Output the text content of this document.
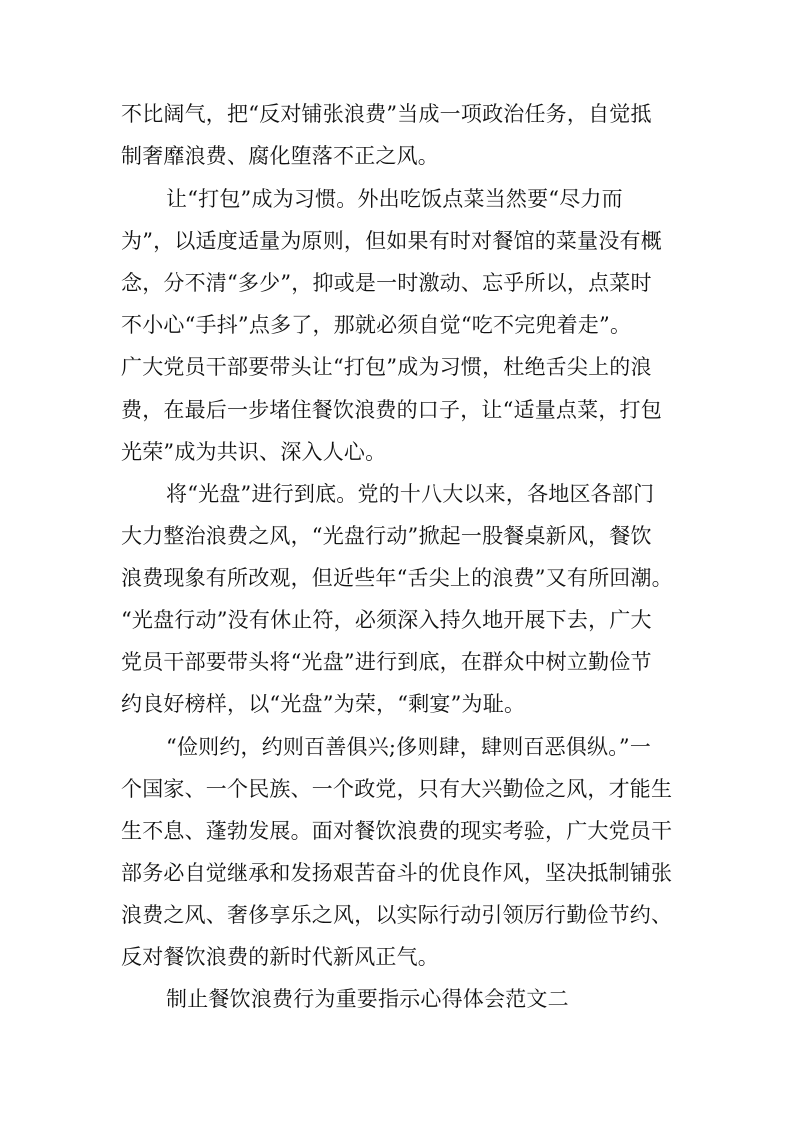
不比阔气，把“反对铺张浪费”当成一项政治任务，自觉抵
制奢靡浪费、腐化堕落不正之风。
让“打包”成为习惯。外出吃饭点菜当然要“尽力而
为”，以适度适量为原则，但如果有时对餐馆的菜量没有概
念，分不清“多少”，抑或是一时激动、忘乎所以，点菜时
不小心“手抖”点多了，那就必须自觉“吃不完兜着走”。
广大党员干部要带头让“打包”成为习惯，杜绝舌尖上的浪
费，在最后一步堵住餐饮浪费的口子，让“适量点菜，打包
光荣”成为共识、深入人心。
将“光盘”进行到底。党的十八大以来，各地区各部门
大力整治浪费之风，“光盘行动”掀起一股餐桌新风，餐饮
浪费现象有所改观，但近些年“舌尖上的浪费”又有所回潮。
“光盘行动”没有休止符，必须深入持久地开展下去，广大
党员干部要带头将“光盘”进行到底，在群众中树立勤俭节
约良好榜样，以“光盘”为荣，“剩宴”为耻。
“俭则约，约则百善俱兴;侈则肆，肆则百恶俱纵。”一
个国家、一个民族、一个政党，只有大兴勤俭之风，才能生
生不息、蓬勃发展。面对餐饮浪费的现实考验，广大党员干
部务必自觉继承和发扬艰苦奋斗的优良作风，坚决抵制铺张
浪费之风、奢侈享乐之风，以实际行动引领厉行勤俭节约、
反对餐饮浪费的新时代新风正气。
制止餐饮浪费行为重要指示心得体会范文二
